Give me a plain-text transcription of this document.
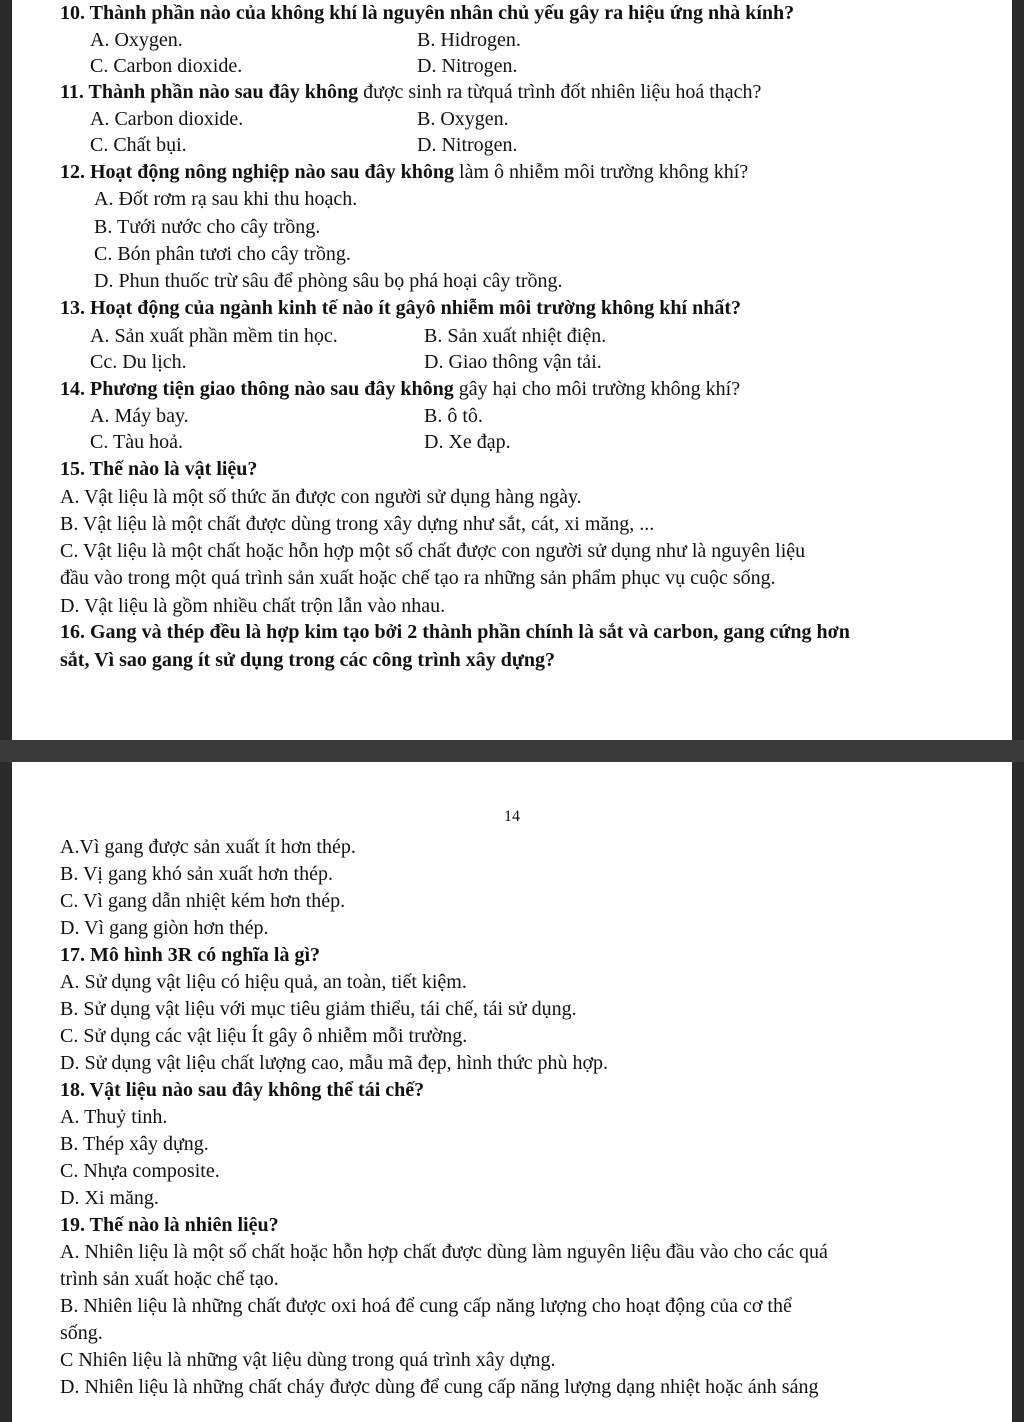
10. Thành phần nào của không khí là nguyên nhân chủ yếu gây ra hiệu ứng nhà kính?
A. Oxygen.	B. Hidrogen.
C. Carbon dioxide.	D. Nitrogen.
11. Thành phần nào sau đây không được sinh ra từquá trình đốt nhiên liệu hoá thạch?
A. Carbon dioxide.	B. Oxygen.
C. Chất bụi.	D. Nitrogen.
12. Hoạt động nông nghiệp nào sau đây không làm ô nhiễm môi trường không khí?
A. Đốt rơm rạ sau khi thu hoạch.
B. Tưới nước cho cây trồng.
C. Bón phân tươi cho cây trồng.
D. Phun thuốc trừ sâu để phòng sâu bọ phá hoại cây trồng.
13. Hoạt động của ngành kinh tế nào ít gâyô nhiễm môi trường không khí nhất?
A. Sản xuất phần mềm tin học.	B. Sản xuất nhiệt điện.
Cc. Du lịch.	D. Giao thông vận tải.
14. Phương tiện giao thông nào sau đây không gây hại cho môi trường không khí?
A. Máy bay.	B. ô tô.
C. Tàu hoả.	D. Xe đạp.
15. Thế nào là vật liệu?
A. Vật liệu là một số thức ăn được con người sử dụng hàng ngày.
B. Vật liệu là một chất được dùng trong xây dựng như sắt, cát, xi măng, ...
C. Vật liệu là một chất hoặc hỗn hợp một số chất được con người sử dụng như là nguyên liệu
đầu vào trong một quá trình sản xuất hoặc chế tạo ra những sản phẩm phục vụ cuộc sống.
D. Vật liệu là gồm nhiều chất trộn lẫn vào nhau.
16. Gang và thép đều là hợp kim tạo bởi 2 thành phần chính là sắt và carbon, gang cứng hơn
sắt, Vì sao gang ít sử dụng trong các công trình xây dựng?
14
A.Vì gang được sản xuất ít hơn thép.
B. Vị gang khó sản xuất hơn thép.
C. Vì gang dẫn nhiệt kém hơn thép.
D. Vì gang giòn hơn thép.
17. Mô hình 3R có nghĩa là gì?
A. Sử dụng vật liệu có hiệu quả, an toàn, tiết kiệm.
B. Sử dụng vật liệu với mục tiêu giảm thiểu, tái chế, tái sử dụng.
C. Sử dụng các vật liệu Ít gây ô nhiễm mỗi trường.
D. Sử dụng vật liệu chất lượng cao, mẫu mã đẹp, hình thức phù hợp.
18. Vật liệu nào sau đây không thể tái chế?
A. Thuỷ tinh.
B. Thép xây dựng.
C. Nhựa composite.
D. Xi măng.
19. Thế nào là nhiên liệu?
A. Nhiên liệu là một số chất hoặc hỗn hợp chất được dùng làm nguyên liệu đầu vào cho các quá
trình sản xuất hoặc chế tạo.
B. Nhiên liệu là những chất được oxi hoá để cung cấp năng lượng cho hoạt động của cơ thể
sống.
C Nhiên liệu là những vật liệu dùng trong quá trình xây dựng.
D. Nhiên liệu là những chất cháy được dùng để cung cấp năng lượng dạng nhiệt hoặc ánh sáng
